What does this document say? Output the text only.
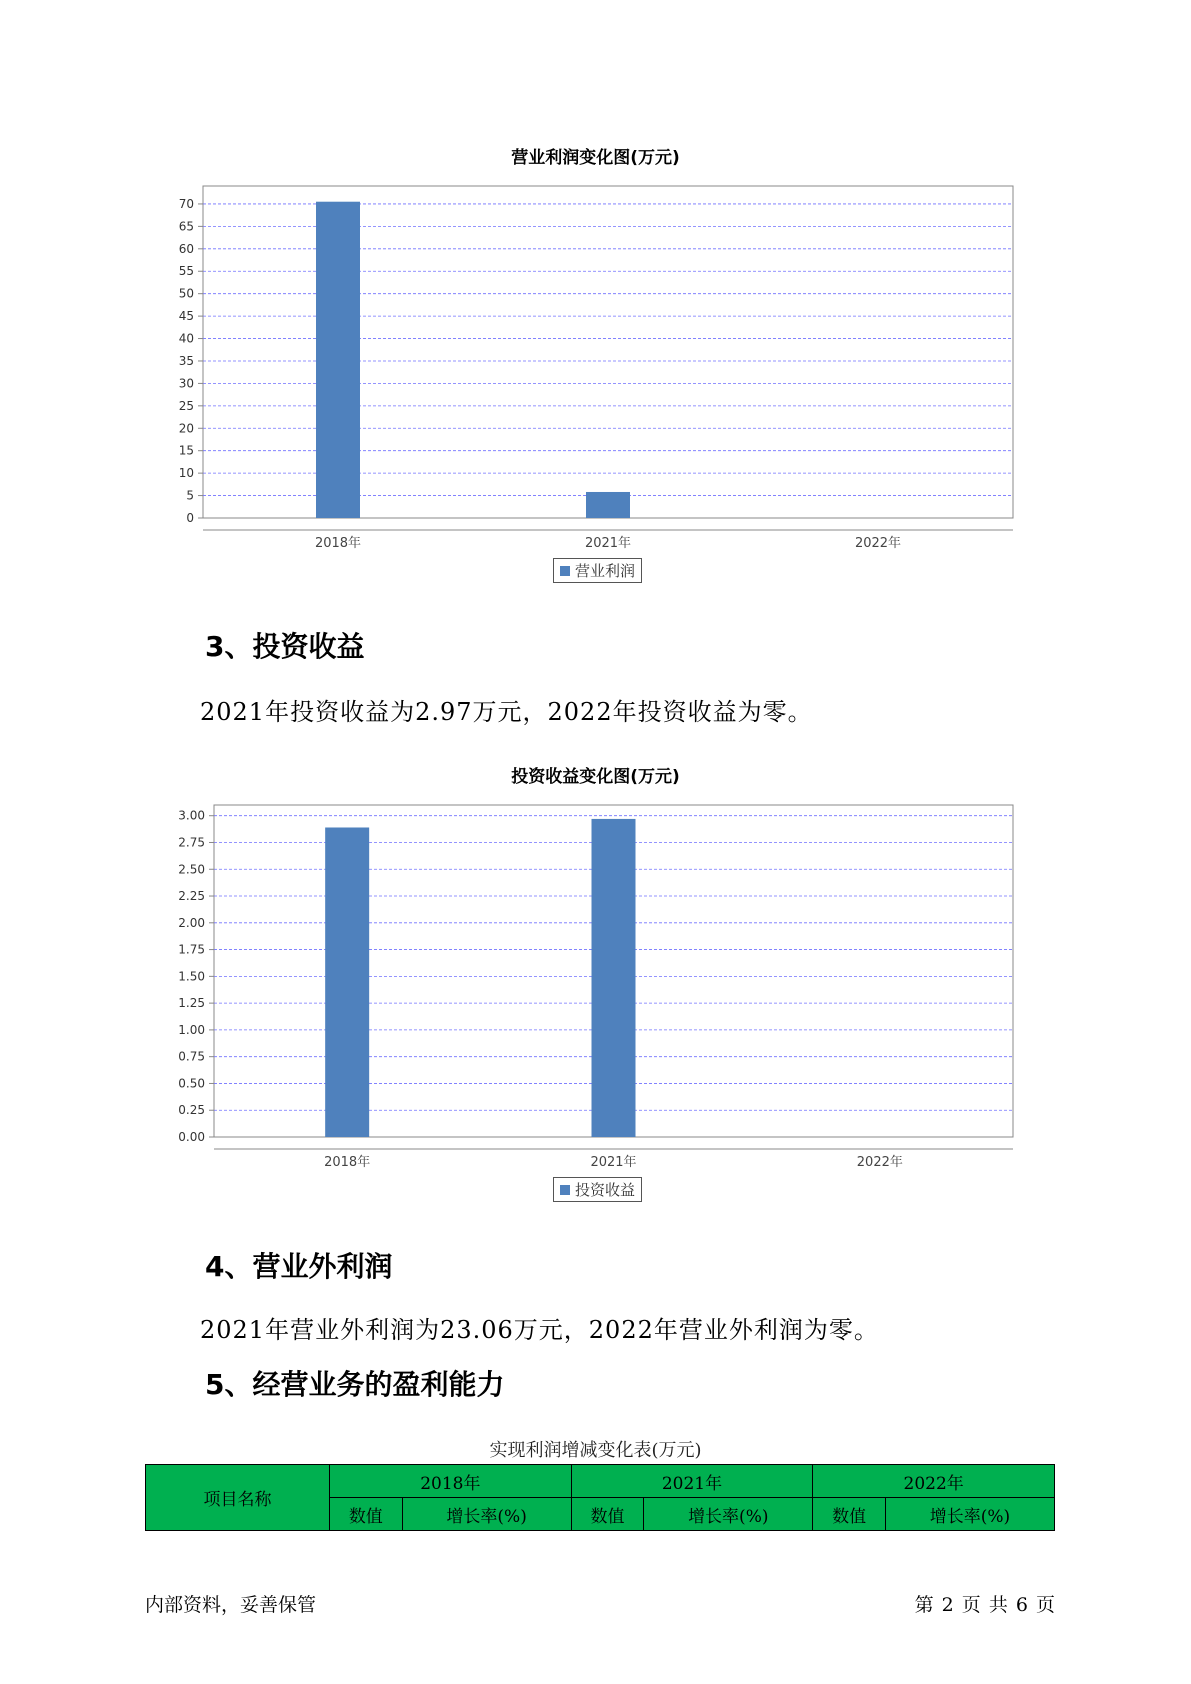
营业利润变化图(万元)
0
5
10
15
20
25
30
35
40
45
50
55
60
65
70
2018年	2021年	2022年
营业利润
3、投资收益
2021年投资收益为2.97万元，2022年投资收益为零。
投资收益变化图(万元)
0.00
0.25
0.50
0.75
1.00
1.25
1.50
1.75
2.00
2.25
2.50
2.75
3.00
2018年	2021年	2022年
投资收益
4、营业外利润
2021年营业外利润为23.06万元，2022年营业外利润为零。
5、经营业务的盈利能力
实现利润增减变化表(万元)
项目名称	2018年		2021年		2022年	
	数值	增长率(%)	数值	增长率(%)	数值	增长率(%)
内部资料，妥善保管	第 2 页 共 6 页
